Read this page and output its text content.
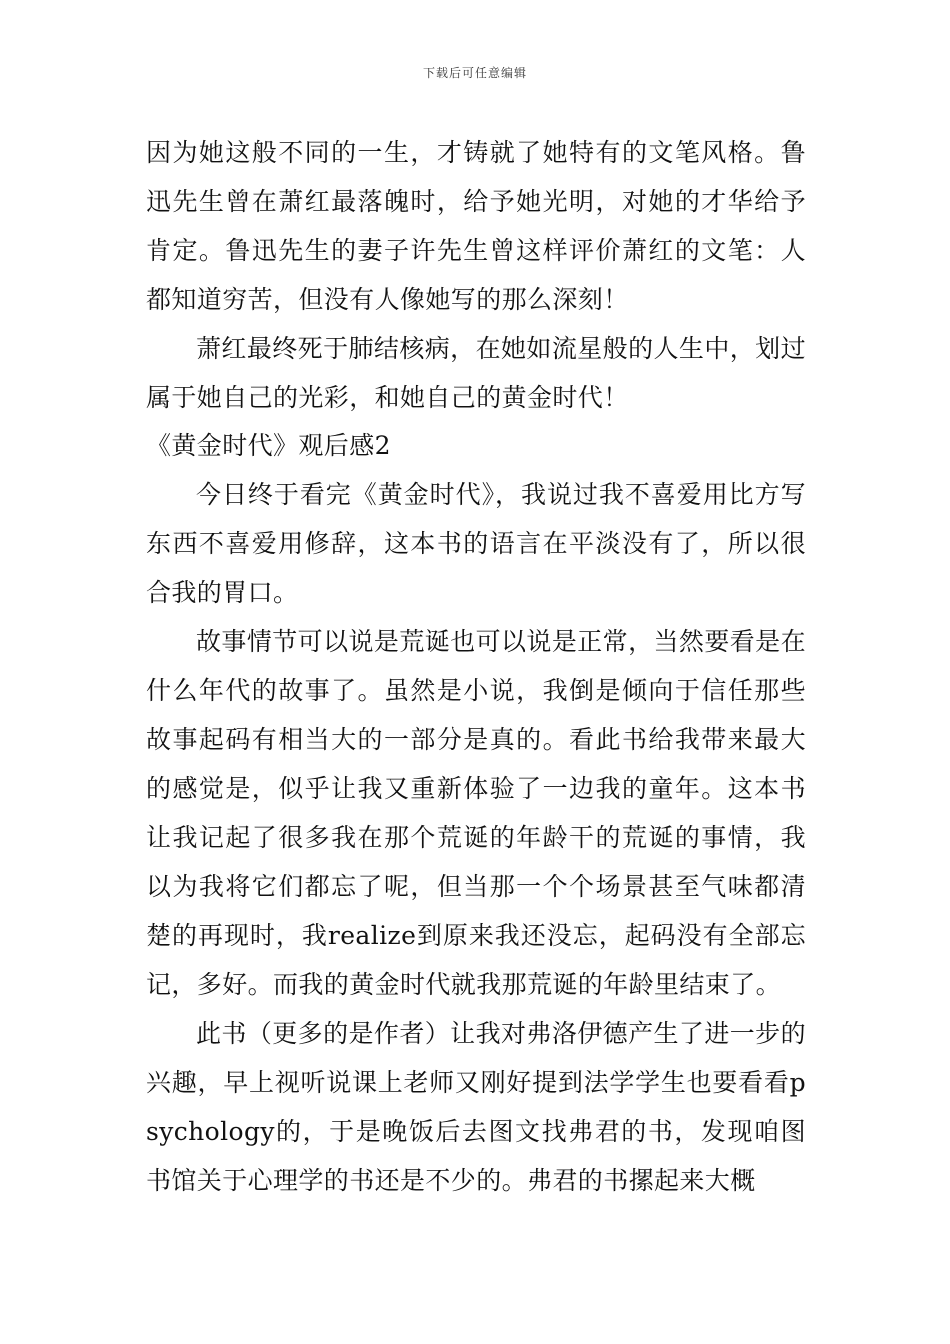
下载后可任意编辑

因为她这般不同的一生，才铸就了她特有的文笔风格。鲁迅先生曾在萧红最落魄时，给予她光明，对她的才华给予肯定。鲁迅先生的妻子许先生曾这样评价萧红的文笔：人都知道穷苦，但没有人像她写的那么深刻！

萧红最终死于肺结核病，在她如流星般的人生中，划过属于她自己的光彩，和她自己的黄金时代！

《黄金时代》观后感2

今日终于看完《黄金时代》，我说过我不喜爱用比方写东西不喜爱用修辞，这本书的语言在平淡没有了，所以很合我的胃口。

故事情节可以说是荒诞也可以说是正常，当然要看是在什么年代的故事了。虽然是小说，我倒是倾向于信任那些故事起码有相当大的一部分是真的。看此书给我带来最大的感觉是，似乎让我又重新体验了一边我的童年。这本书让我记起了很多我在那个荒诞的年龄干的荒诞的事情，我以为我将它们都忘了呢，但当那一个个场景甚至气味都清楚的再现时，我realize到原来我还没忘，起码没有全部忘记，多好。而我的黄金时代就我那荒诞的年龄里结束了。

此书（更多的是作者）让我对弗洛伊德产生了进一步的兴趣，早上视听说课上老师又刚好提到法学学生也要看看psychology的，于是晚饭后去图文找弗君的书，发现咱图书馆关于心理学的书还是不少的。弗君的书摞起来大概
